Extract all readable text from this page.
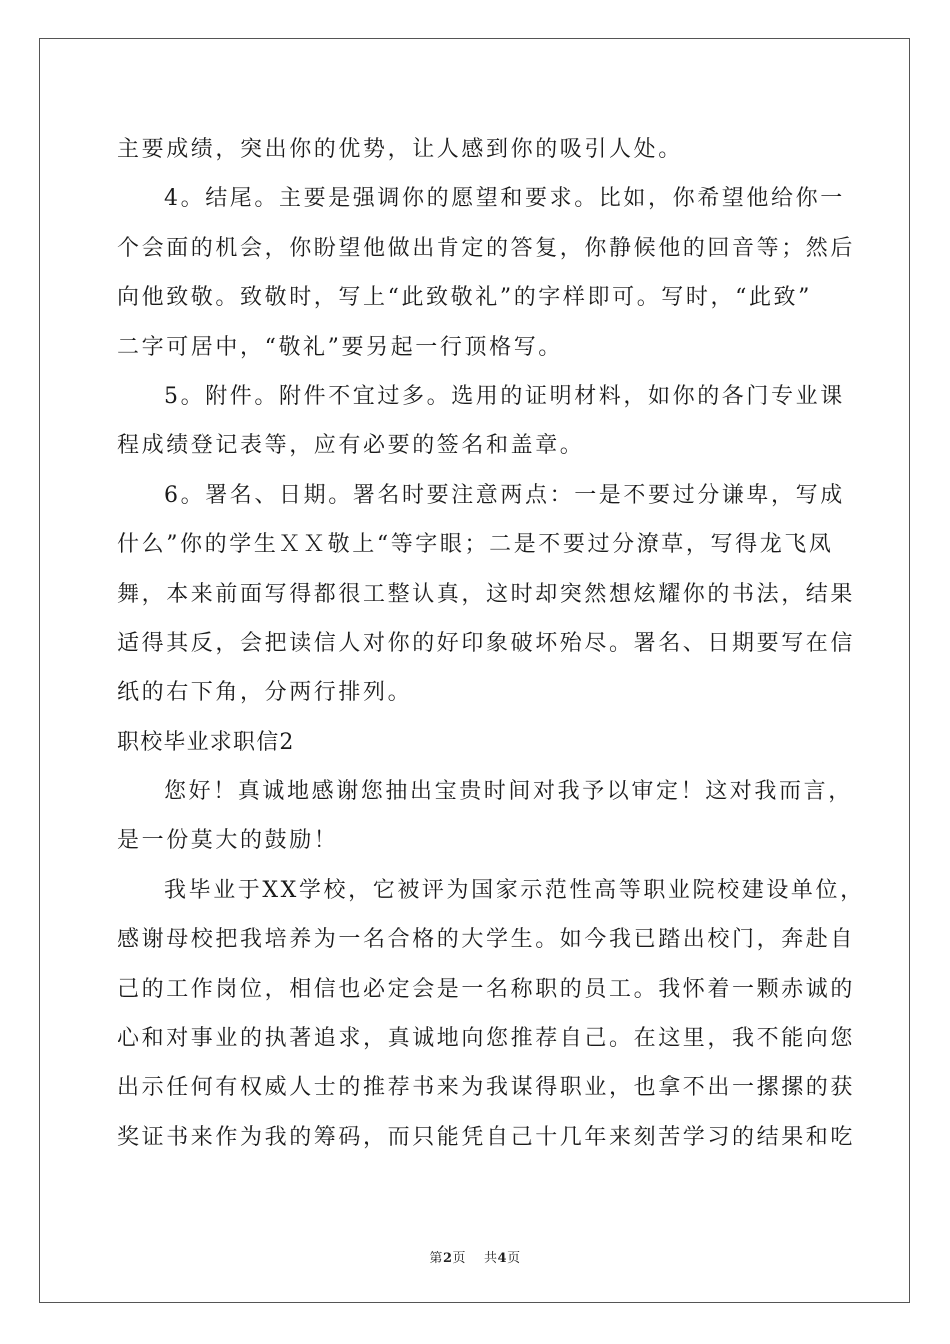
主要成绩，突出你的优势，让人感到你的吸引人处。
4。结尾。主要是强调你的愿望和要求。比如，你希望他给你一
个会面的机会，你盼望他做出肯定的答复，你静候他的回音等；然后
向他致敬。致敬时，写上“此致敬礼”的字样即可。写时，“此致”
二字可居中，“敬礼”要另起一行顶格写。
5。附件。附件不宜过多。选用的证明材料，如你的各门专业课
程成绩登记表等，应有必要的签名和盖章。
6。署名、日期。署名时要注意两点：一是不要过分谦卑，写成
什么”你的学生ＸＸ敬上“等字眼；二是不要过分潦草，写得龙飞凤
舞，本来前面写得都很工整认真，这时却突然想炫耀你的书法，结果
适得其反，会把读信人对你的好印象破坏殆尽。署名、日期要写在信
纸的右下角，分两行排列。
职校毕业求职信2
您好！真诚地感谢您抽出宝贵时间对我予以审定！这对我而言，
是一份莫大的鼓励！
我毕业于XX学校，它被评为国家示范性高等职业院校建设单位，
感谢母校把我培养为一名合格的大学生。如今我已踏出校门，奔赴自
己的工作岗位，相信也必定会是一名称职的员工。我怀着一颗赤诚的
心和对事业的执著追求，真诚地向您推荐自己。在这里，我不能向您
出示任何有权威人士的推荐书来为我谋得职业，也拿不出一摞摞的获
奖证书来作为我的筹码，而只能凭自己十几年来刻苦学习的结果和吃
第2页 共4页
